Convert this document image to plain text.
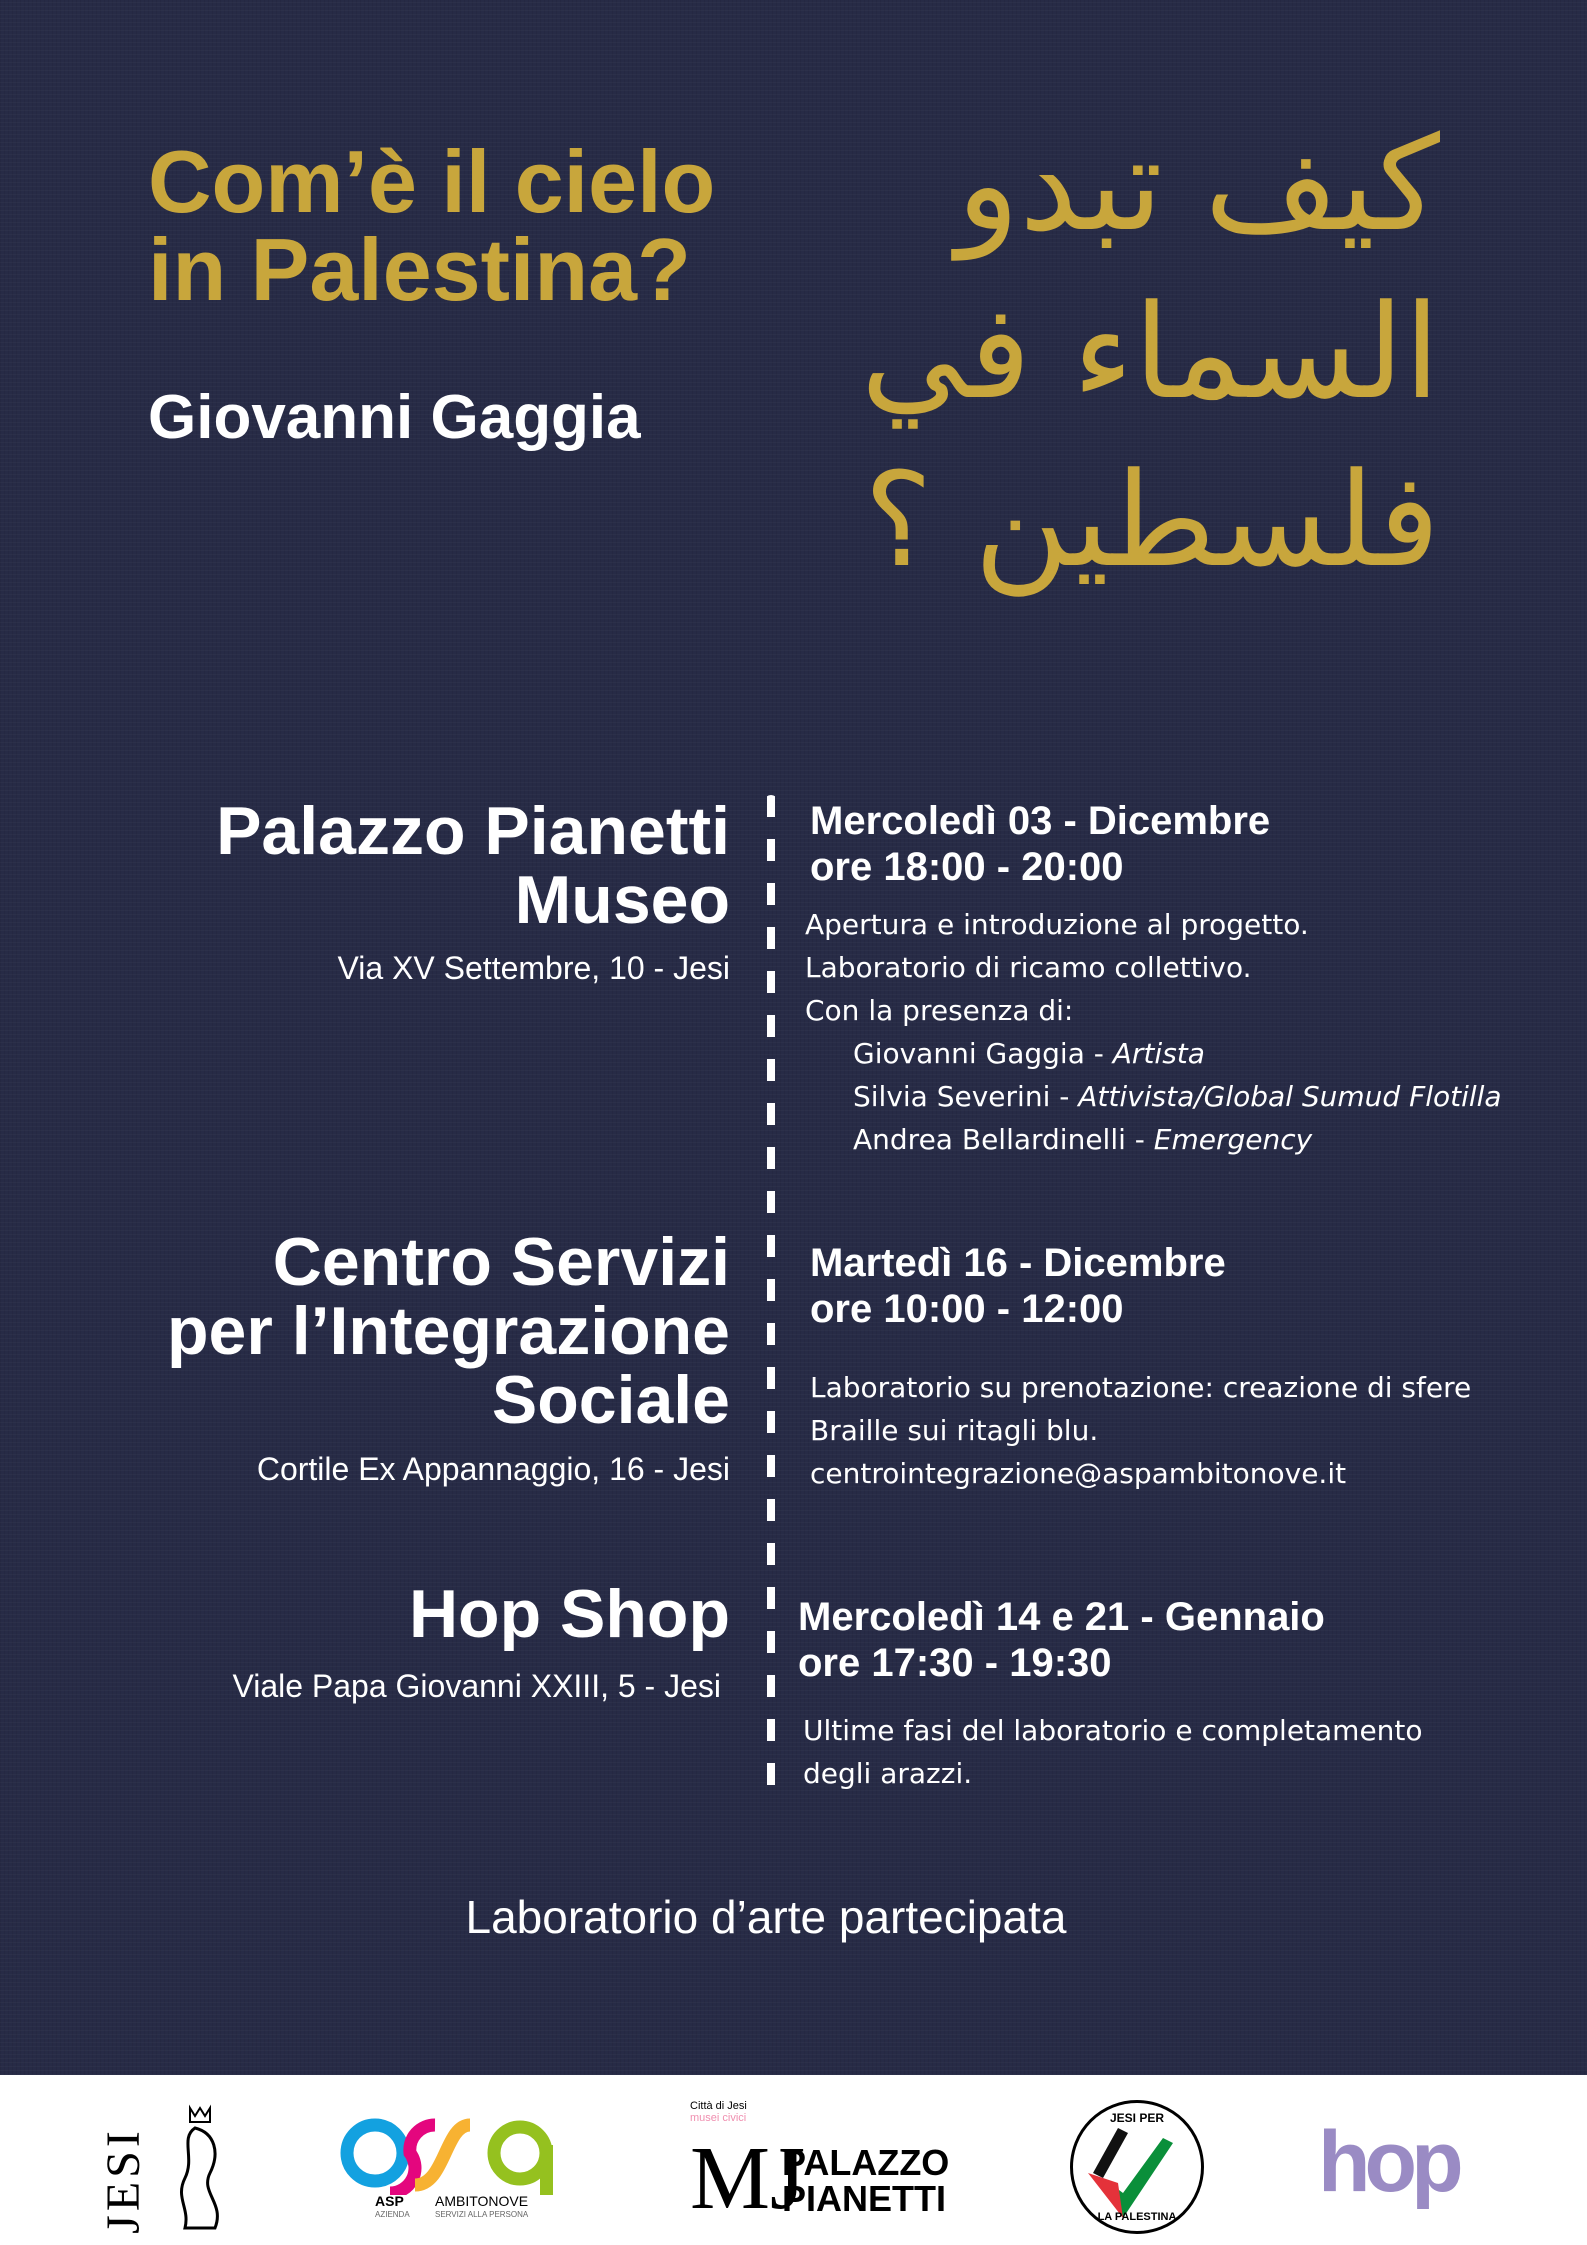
Com’è il cielo
in Palestina?
Giovanni Gaggia
كيف تبدو
السماء في
فلسطين ؟
Palazzo Pianetti
Museo
Via XV Settembre, 10 - Jesi
Mercoledì 03 - Dicembre
ore 18:00 - 20:00
Apertura e introduzione al progetto.
Laboratorio di ricamo collettivo.
Con la presenza di:
Giovanni Gaggia - Artista
Silvia Severini - Attivista/Global Sumud Flotilla
Andrea Bellardinelli - Emergency
Centro Servizi
per l’Integrazione
Sociale
Cortile Ex Appannaggio, 16 - Jesi
Martedì 16 - Dicembre
ore 10:00 - 12:00
Laboratorio su prenotazione: creazione di sfere
Braille sui ritagli blu.
centrointegrazione@aspambitonove.it
Hop Shop
Viale Papa Giovanni XXIII, 5 - Jesi
Mercoledì 14 e 21 - Gennaio
ore 17:30 - 19:30
Ultime fasi del laboratorio e completamento
degli arazzi.
Laboratorio d’arte partecipata
JESI	ASP
AZIENDA
AMBITONOVE
SERVIZI ALLA PERSONA
Città di Jesi
musei civici
MJ
PALAZZO
PIANETTI
JESI PER
LA PALESTINA
hop
